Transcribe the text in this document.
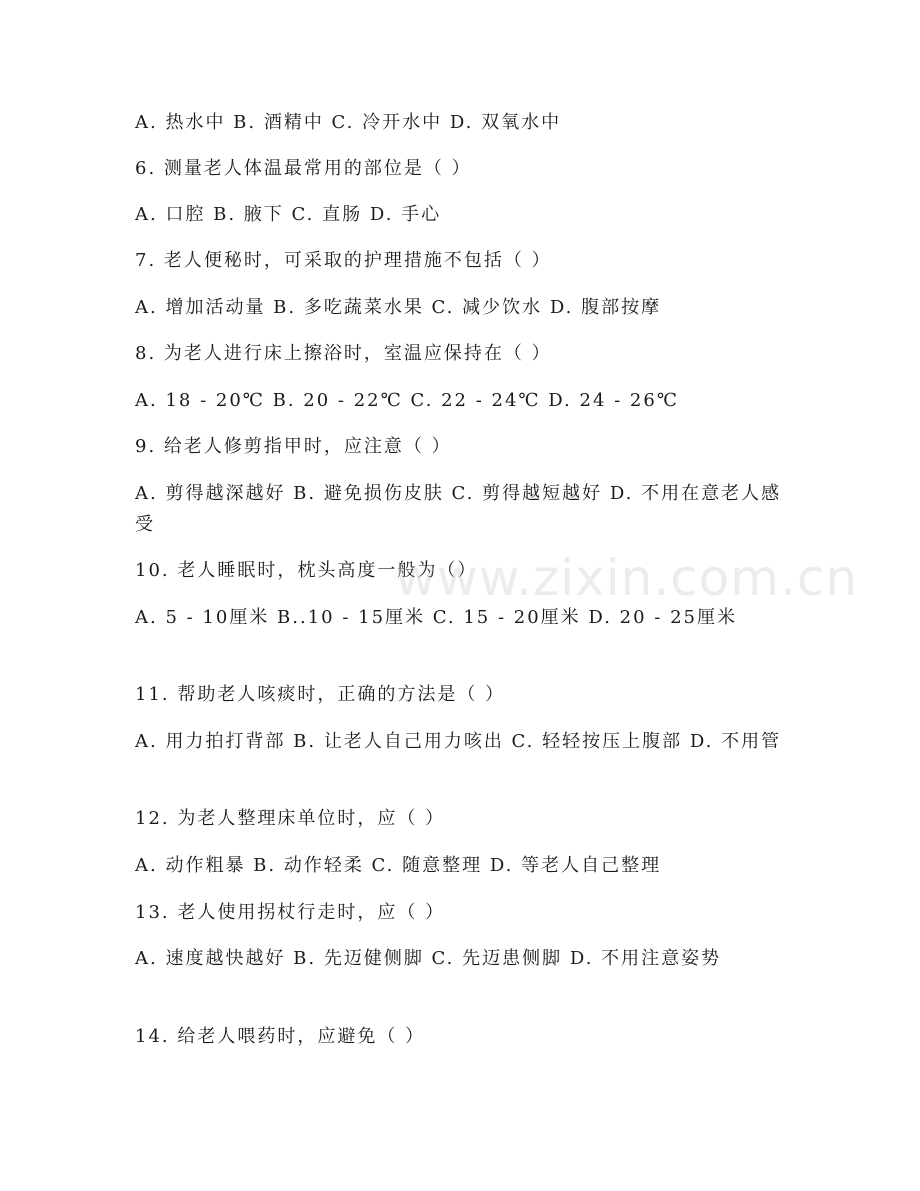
A. 热水中 B. 酒精中 C. 冷开水中 D. 双氧水中
6. 测量老人体温最常用的部位是（ ）
A. 口腔 B. 腋下 C. 直肠 D. 手心
7. 老人便秘时，可采取的护理措施不包括（ ）
A. 增加活动量 B. 多吃蔬菜水果 C. 减少饮水 D. 腹部按摩
8. 为老人进行床上擦浴时，室温应保持在（ ）
A. 18 - 20℃ B. 20 - 22℃ C. 22 - 24℃ D. 24 - 26℃
9. 给老人修剪指甲时，应注意（ ）
A. 剪得越深越好 B. 避免损伤皮肤 C. 剪得越短越好 D. 不用在意老人感受
10. 老人睡眠时，枕头高度一般为（）
A. 5 - 10厘米 B..10 - 15厘米 C. 15 - 20厘米 D. 20 - 25厘米
11. 帮助老人咳痰时，正确的方法是（ ）
A. 用力拍打背部 B. 让老人自己用力咳出 C. 轻轻按压上腹部 D. 不用管
12. 为老人整理床单位时，应（ ）
A. 动作粗暴 B. 动作轻柔 C. 随意整理 D. 等老人自己整理
13. 老人使用拐杖行走时，应（ ）
A. 速度越快越好 B. 先迈健侧脚 C. 先迈患侧脚 D. 不用注意姿势
14. 给老人喂药时，应避免（ ）
www.zixin.com.cn
